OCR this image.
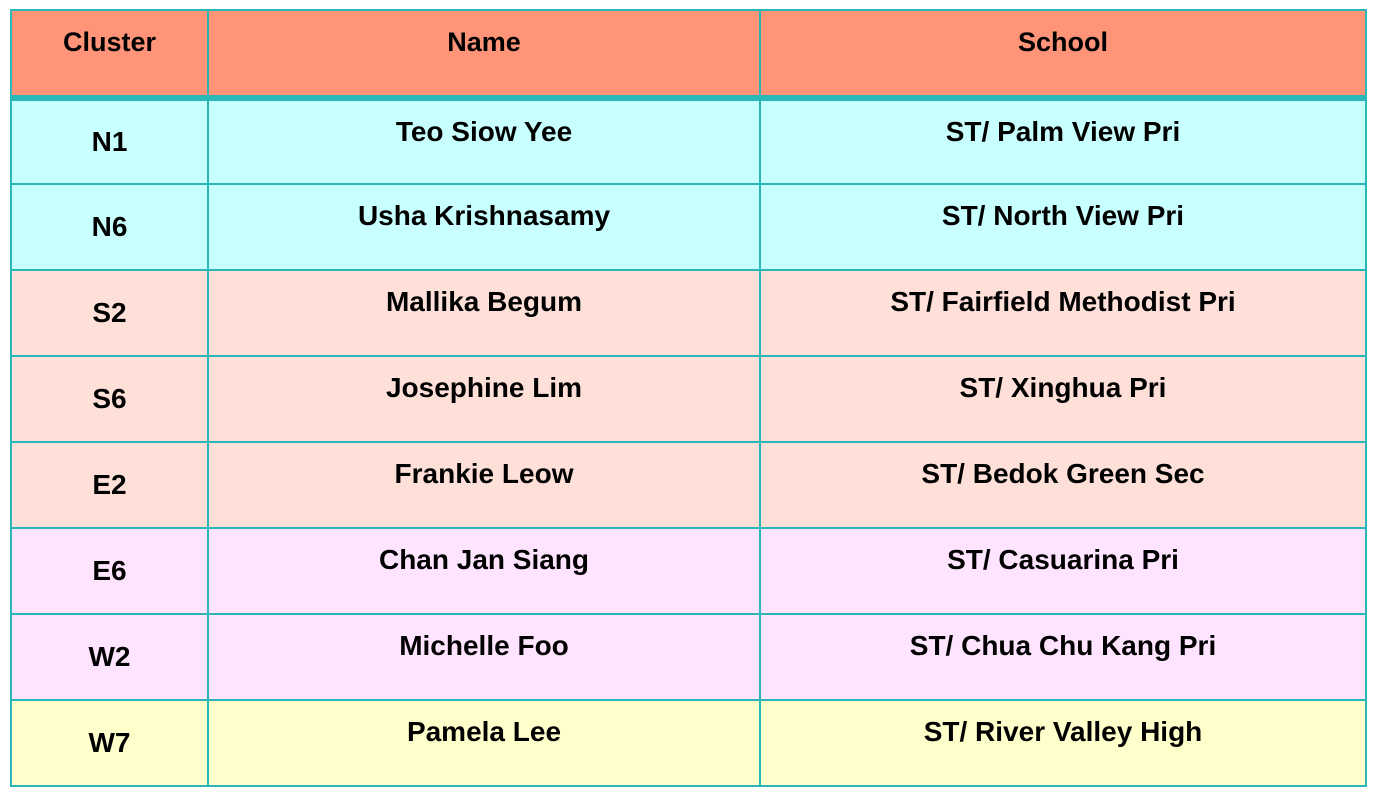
Cluster	Name	School
N1	Teo Siow Yee	ST/ Palm View Pri
N6	Usha Krishnasamy	ST/ North View Pri
S2	Mallika Begum	ST/ Fairfield Methodist Pri
S6	Josephine Lim	ST/ Xinghua Pri
E2	Frankie Leow	ST/ Bedok Green Sec
E6	Chan Jan Siang	ST/ Casuarina Pri
W2	Michelle Foo	ST/ Chua Chu Kang Pri
W7	Pamela Lee	ST/ River Valley High
